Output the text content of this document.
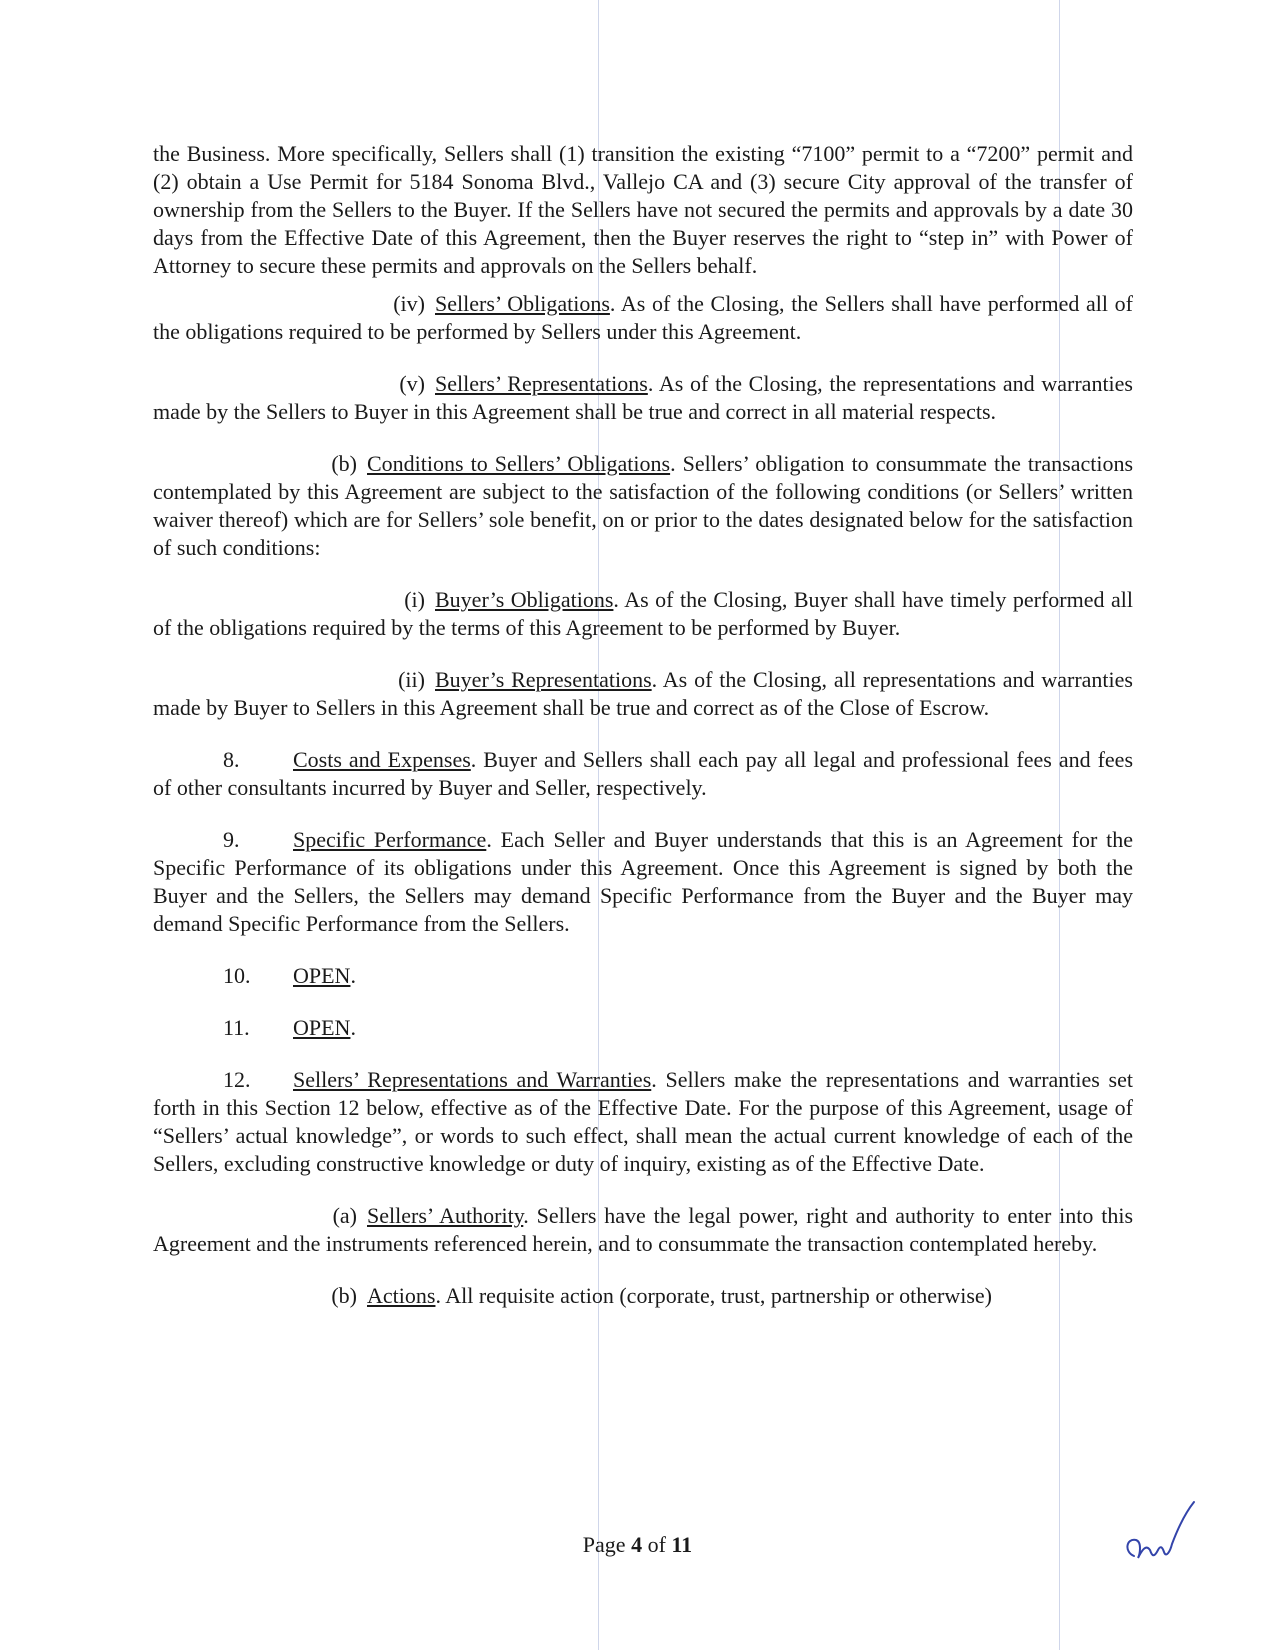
the Business. More specifically, Sellers shall (1) transition the existing “7100” permit to a “7200” permit and (2) obtain a Use Permit for 5184 Sonoma Blvd., Vallejo CA and (3) secure City approval of the transfer of ownership from the Sellers to the Buyer. If the Sellers have not secured the permits and approvals by a date 30 days from the Effective Date of this Agreement, then the Buyer reserves the right to “step in” with Power of Attorney to secure these permits and approvals on the Sellers behalf.

(iv) Sellers’ Obligations. As of the Closing, the Sellers shall have performed all of the obligations required to be performed by Sellers under this Agreement.

(v) Sellers’ Representations. As of the Closing, the representations and warranties made by the Sellers to Buyer in this Agreement shall be true and correct in all material respects.

(b) Conditions to Sellers’ Obligations. Sellers’ obligation to consummate the transactions contemplated by this Agreement are subject to the satisfaction of the following conditions (or Sellers’ written waiver thereof) which are for Sellers’ sole benefit, on or prior to the dates designated below for the satisfaction of such conditions:

(i) Buyer’s Obligations. As of the Closing, Buyer shall have timely performed all of the obligations required by the terms of this Agreement to be performed by Buyer.

(ii) Buyer’s Representations. As of the Closing, all representations and warranties made by Buyer to Sellers in this Agreement shall be true and correct as of the Close of Escrow.

8. Costs and Expenses. Buyer and Sellers shall each pay all legal and professional fees and fees of other consultants incurred by Buyer and Seller, respectively.

9. Specific Performance. Each Seller and Buyer understands that this is an Agreement for the Specific Performance of its obligations under this Agreement. Once this Agreement is signed by both the Buyer and the Sellers, the Sellers may demand Specific Performance from the Buyer and the Buyer may demand Specific Performance from the Sellers.

10. OPEN.

11. OPEN.

12. Sellers’ Representations and Warranties. Sellers make the representations and warranties set forth in this Section 12 below, effective as of the Effective Date. For the purpose of this Agreement, usage of “Sellers’ actual knowledge”, or words to such effect, shall mean the actual current knowledge of each of the Sellers, excluding constructive knowledge or duty of inquiry, existing as of the Effective Date.

(a) Sellers’ Authority. Sellers have the legal power, right and authority to enter into this Agreement and the instruments referenced herein, and to consummate the transaction contemplated hereby.

(b) Actions. All requisite action (corporate, trust, partnership or otherwise)

Page 4 of 11
